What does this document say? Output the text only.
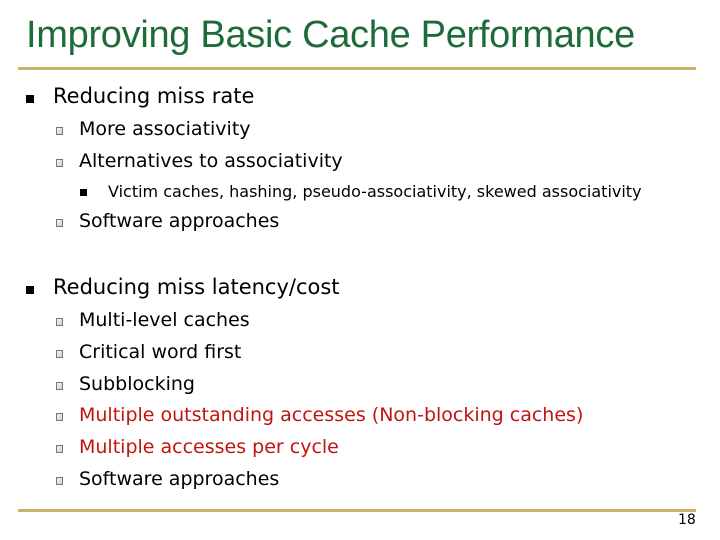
Improving Basic Cache Performance
Reducing miss rate
More associativity
Alternatives to associativity
Victim caches, hashing, pseudo-associativity, skewed associativity
Software approaches
Reducing miss latency/cost
Multi-level caches
Critical word first
Subblocking
Multiple outstanding accesses (Non-blocking caches)
Multiple accesses per cycle
Software approaches
18
